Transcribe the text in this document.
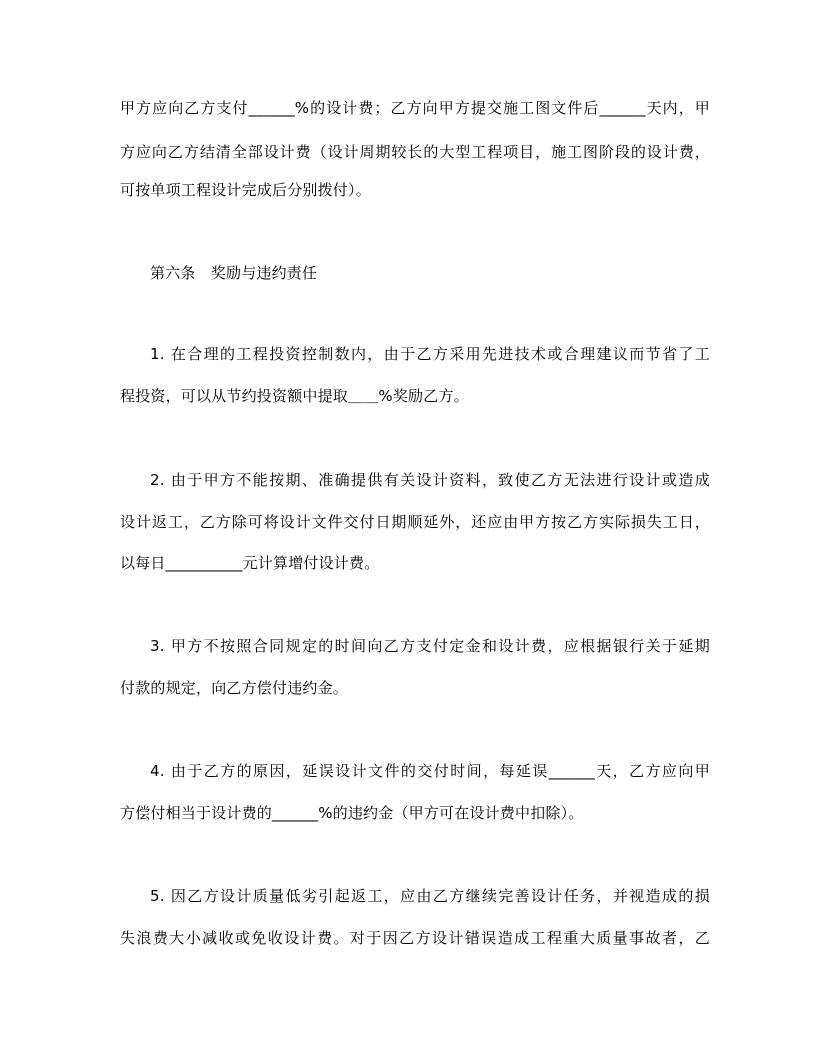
甲方应向乙方支付______%的设计费；乙方向甲方提交施工图文件后______天内，甲
方应向乙方结清全部设计费（设计周期较长的大型工程项目，施工图阶段的设计费，
可按单项工程设计完成后分别拨付）。
第六条　奖励与违约责任
1. 在合理的工程投资控制数内，由于乙方采用先进技术或合理建议而节省了工
程投资，可以从节约投资额中提取＿＿%奖励乙方。
2. 由于甲方不能按期、准确提供有关设计资料，致使乙方无法进行设计或造成
设计返工，乙方除可将设计文件交付日期顺延外，还应由甲方按乙方实际损失工日，
以每日__________元计算增付设计费。
3. 甲方不按照合同规定的时间向乙方支付定金和设计费，应根据银行关于延期
付款的规定，向乙方偿付违约金。
4. 由于乙方的原因，延误设计文件的交付时间，每延误______天，乙方应向甲
方偿付相当于设计费的______%的违约金（甲方可在设计费中扣除）。
5. 因乙方设计质量低劣引起返工，应由乙方继续完善设计任务，并视造成的损
失浪费大小减收或免收设计费。对于因乙方设计错误造成工程重大质量事故者，乙
